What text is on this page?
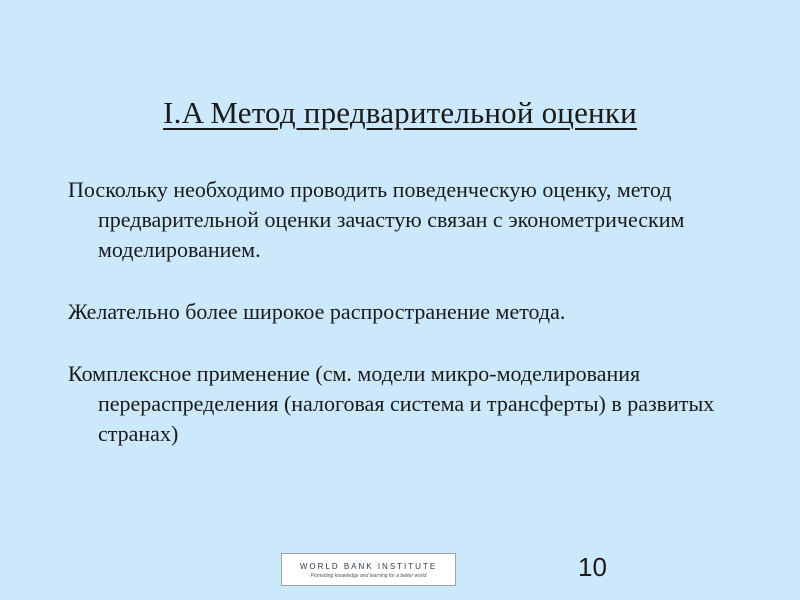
I.A Метод предварительной оценки

Поскольку необходимо проводить поведенческую оценку, метод предварительной оценки зачастую связан с эконометрическим моделированием.

Желательно более широкое распространение метода.

Комплексное применение (см. модели микро-моделирования перераспределения (налоговая система и трансферты) в развитых странах)

WORLD BANK INSTITUTE
Promoting knowledge and learning for a better world	10
